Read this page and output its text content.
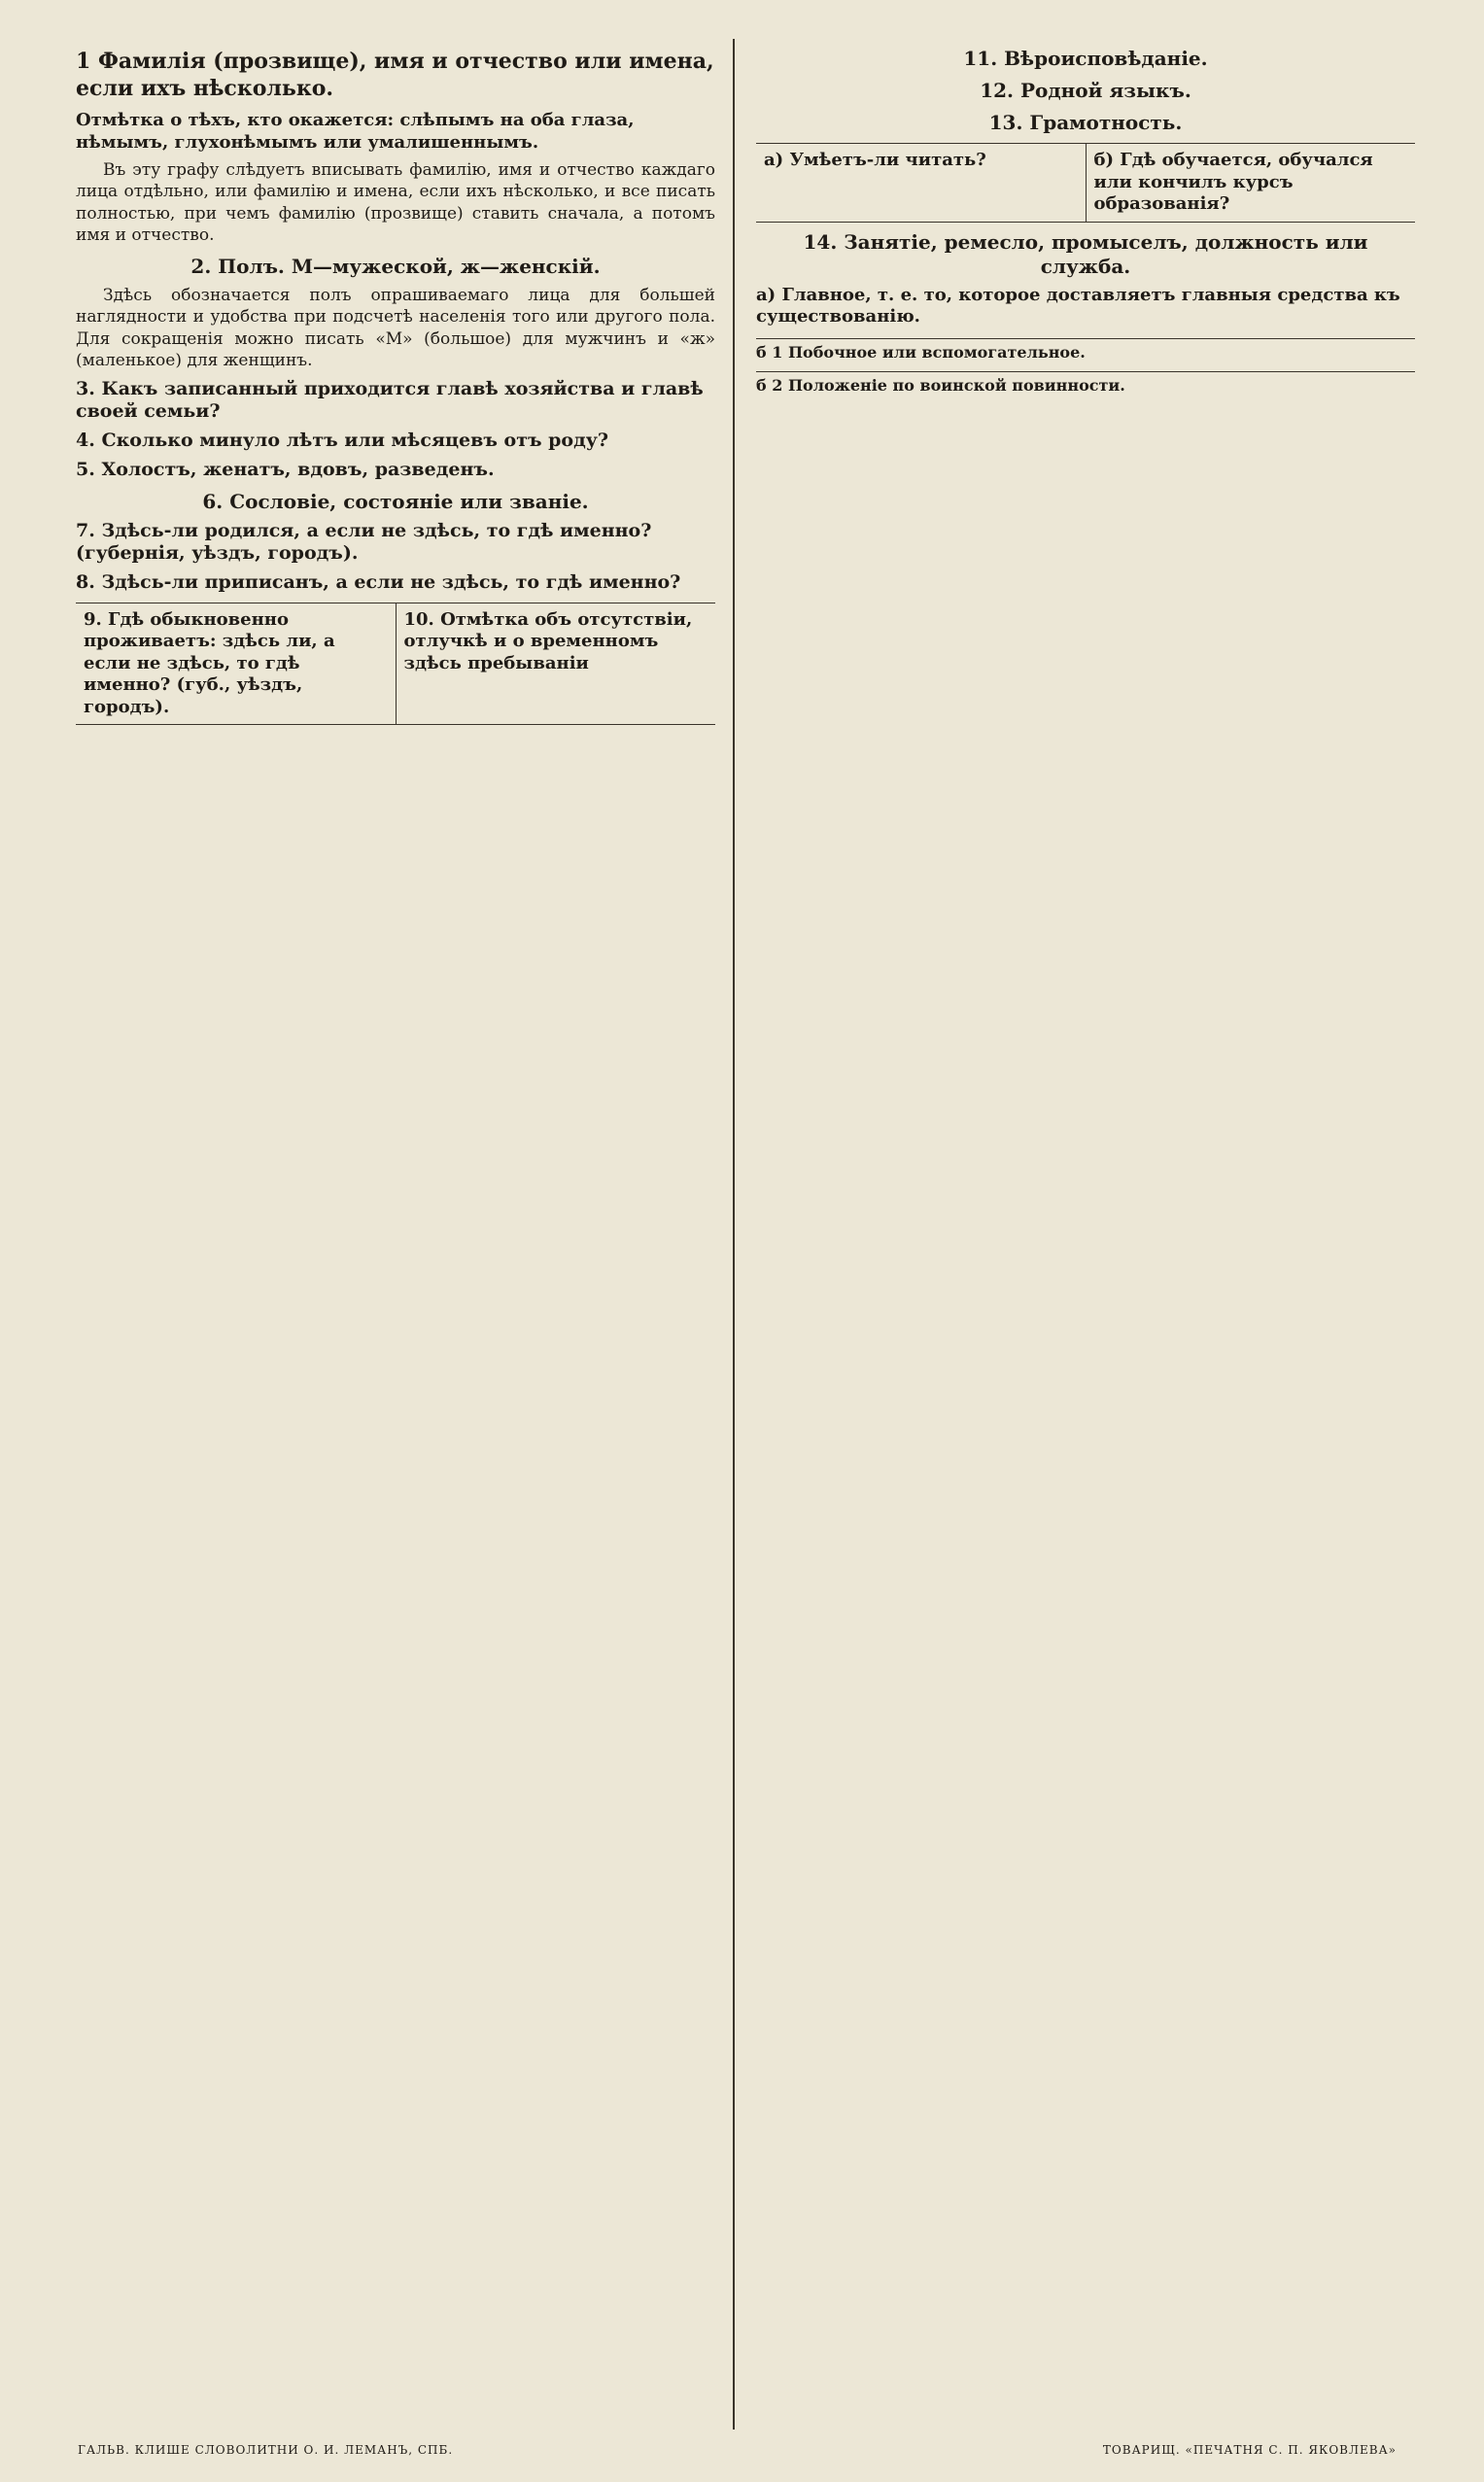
1 Фамилія (прозвище), имя и отчество или имена, если ихъ нѣсколько.
Отмѣтка о тѣхъ, кто окажется: слѣпымъ на оба глаза, нѣмымъ, глухонѣмымъ или умалишеннымъ.

Въ эту графу слѣдуетъ вписывать фамилію, имя и отчество каждаго лица отдѣльно, или фамилію и имена, если ихъ нѣсколько, и все писать полностью, при чемъ фамилію (прозвище) ставить сначала, а потомъ имя и отчество.

2. Полъ. М—мужеской, ж—женскій.

Здѣсь обозначается полъ опрашиваемаго лица для большей наглядности и удобства при подсчетѣ населенія того или другого пола. Для сокращенія можно писать «М» (большое) для мужчинъ и «ж» (маленькое) для женщинъ.

3. Какъ записанный приходится главѣ хозяйства и главѣ своей семьи?
4. Сколько минуло лѣтъ или мѣсяцевъ отъ роду?
5. Холостъ, женатъ, вдовъ, разведенъ.
6. Сословіе, состояніе или званіе.
7. Здѣсь-ли родился, а если не здѣсь, то гдѣ именно? (губернія, уѣздъ, городъ).
8. Здѣсь-ли приписанъ, а если не здѣсь, то гдѣ именно?
9. Гдѣ обыкновенно проживаетъ: здѣсь ли, а если не здѣсь, то гдѣ именно? (губ., уѣздъ, городъ).
10. Отмѣтка объ отсутствіи, отлучкѣ и о временномъ здѣсь пребываніи
11. Вѣроисповѣданіе.
12. Родной языкъ.
13. Грамотность.
а) Умѣетъ-ли читать?	б) Гдѣ обучается, обучался или кончилъ курсъ образованія?
14. Занятіе, ремесло, промыселъ, должность или служба.
а) Главное, т. е. то, которое доставляетъ главныя средства къ существованію.
б 1 Побочное или вспомогательное.
б 2 Положеніе по воинской повинности.
ГАЛЬВ. КЛИШЕ СЛОВОЛИТНИ О. И. ЛЕМАНЪ, СПБ.	ТОВАРИЩ. «ПЕЧАТНЯ С. П. ЯКОВЛЕВА»
